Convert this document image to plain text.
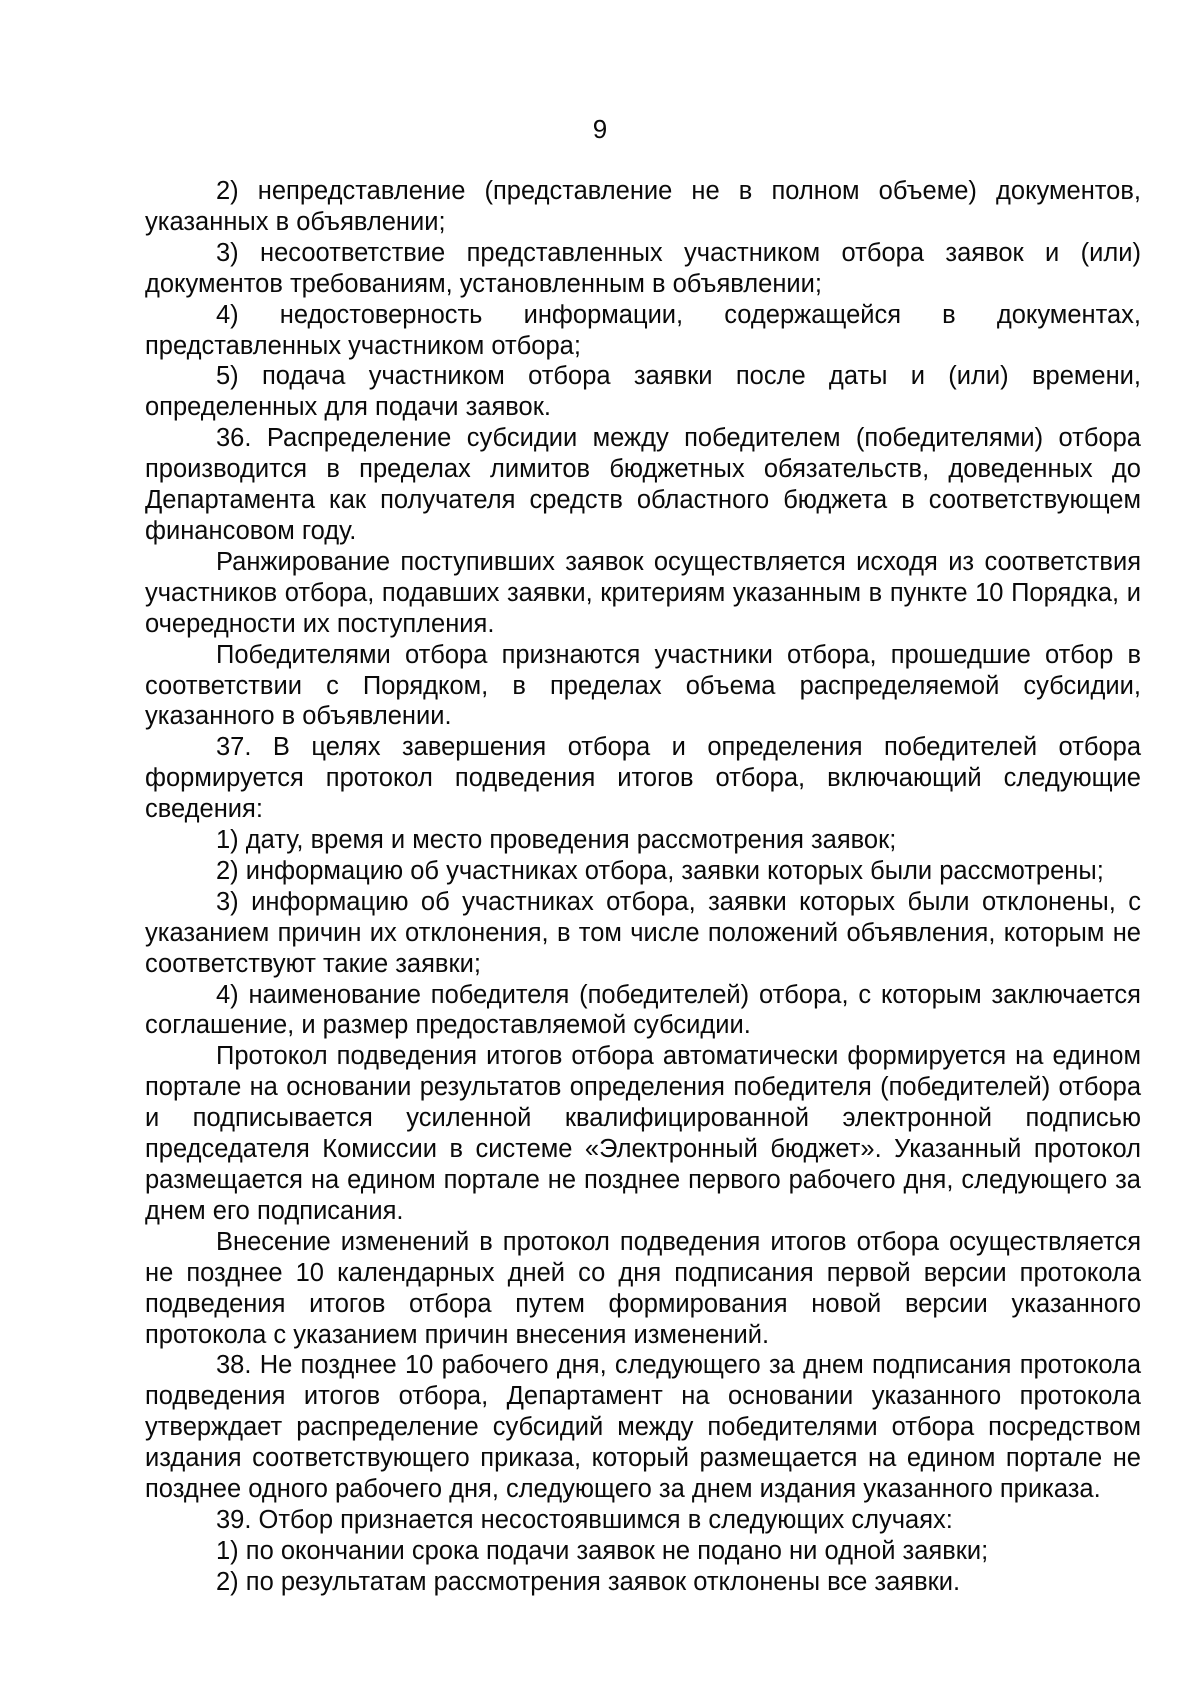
9

2) непредставление (представление не в полном объеме) документов, указанных в объявлении;

3) несоответствие представленных участником отбора заявок и (или) документов требованиям, установленным в объявлении;

4) недостоверность информации, содержащейся в документах, представленных участником отбора;

5) подача участником отбора заявки после даты и (или) времени, определенных для подачи заявок.

36. Распределение субсидии между победителем (победителями) отбора производится в пределах лимитов бюджетных обязательств, доведенных до Департамента как получателя средств областного бюджета в соответствующем финансовом году.

Ранжирование поступивших заявок осуществляется исходя из соответствия участников отбора, подавших заявки, критериям указанным в пункте 10 Порядка, и очередности их поступления.

Победителями отбора признаются участники отбора, прошедшие отбор в соответствии с Порядком, в пределах объема распределяемой субсидии, указанного в объявлении.

37. В целях завершения отбора и определения победителей отбора формируется протокол подведения итогов отбора, включающий следующие сведения:

1) дату, время и место проведения рассмотрения заявок;

2) информацию об участниках отбора, заявки которых были рассмотрены;

3) информацию об участниках отбора, заявки которых были отклонены, с указанием причин их отклонения, в том числе положений объявления, которым не соответствуют такие заявки;

4) наименование победителя (победителей) отбора, с которым заключается соглашение, и размер предоставляемой субсидии.

Протокол подведения итогов отбора автоматически формируется на едином портале на основании результатов определения победителя (победителей) отбора и подписывается усиленной квалифицированной электронной подписью председателя Комиссии в системе «Электронный бюджет». Указанный протокол размещается на едином портале не позднее первого рабочего дня, следующего за днем его подписания.

Внесение изменений в протокол подведения итогов отбора осуществляется не позднее 10 календарных дней со дня подписания первой версии протокола подведения итогов отбора путем формирования новой версии указанного протокола с указанием причин внесения изменений.

38. Не позднее 10 рабочего дня, следующего за днем подписания протокола подведения итогов отбора, Департамент на основании указанного протокола утверждает распределение субсидий между победителями отбора посредством издания соответствующего приказа, который размещается на едином портале не позднее одного рабочего дня, следующего за днем издания указанного приказа.

39. Отбор признается несостоявшимся в следующих случаях:

1) по окончании срока подачи заявок не подано ни одной заявки;

2) по результатам рассмотрения заявок отклонены все заявки.
